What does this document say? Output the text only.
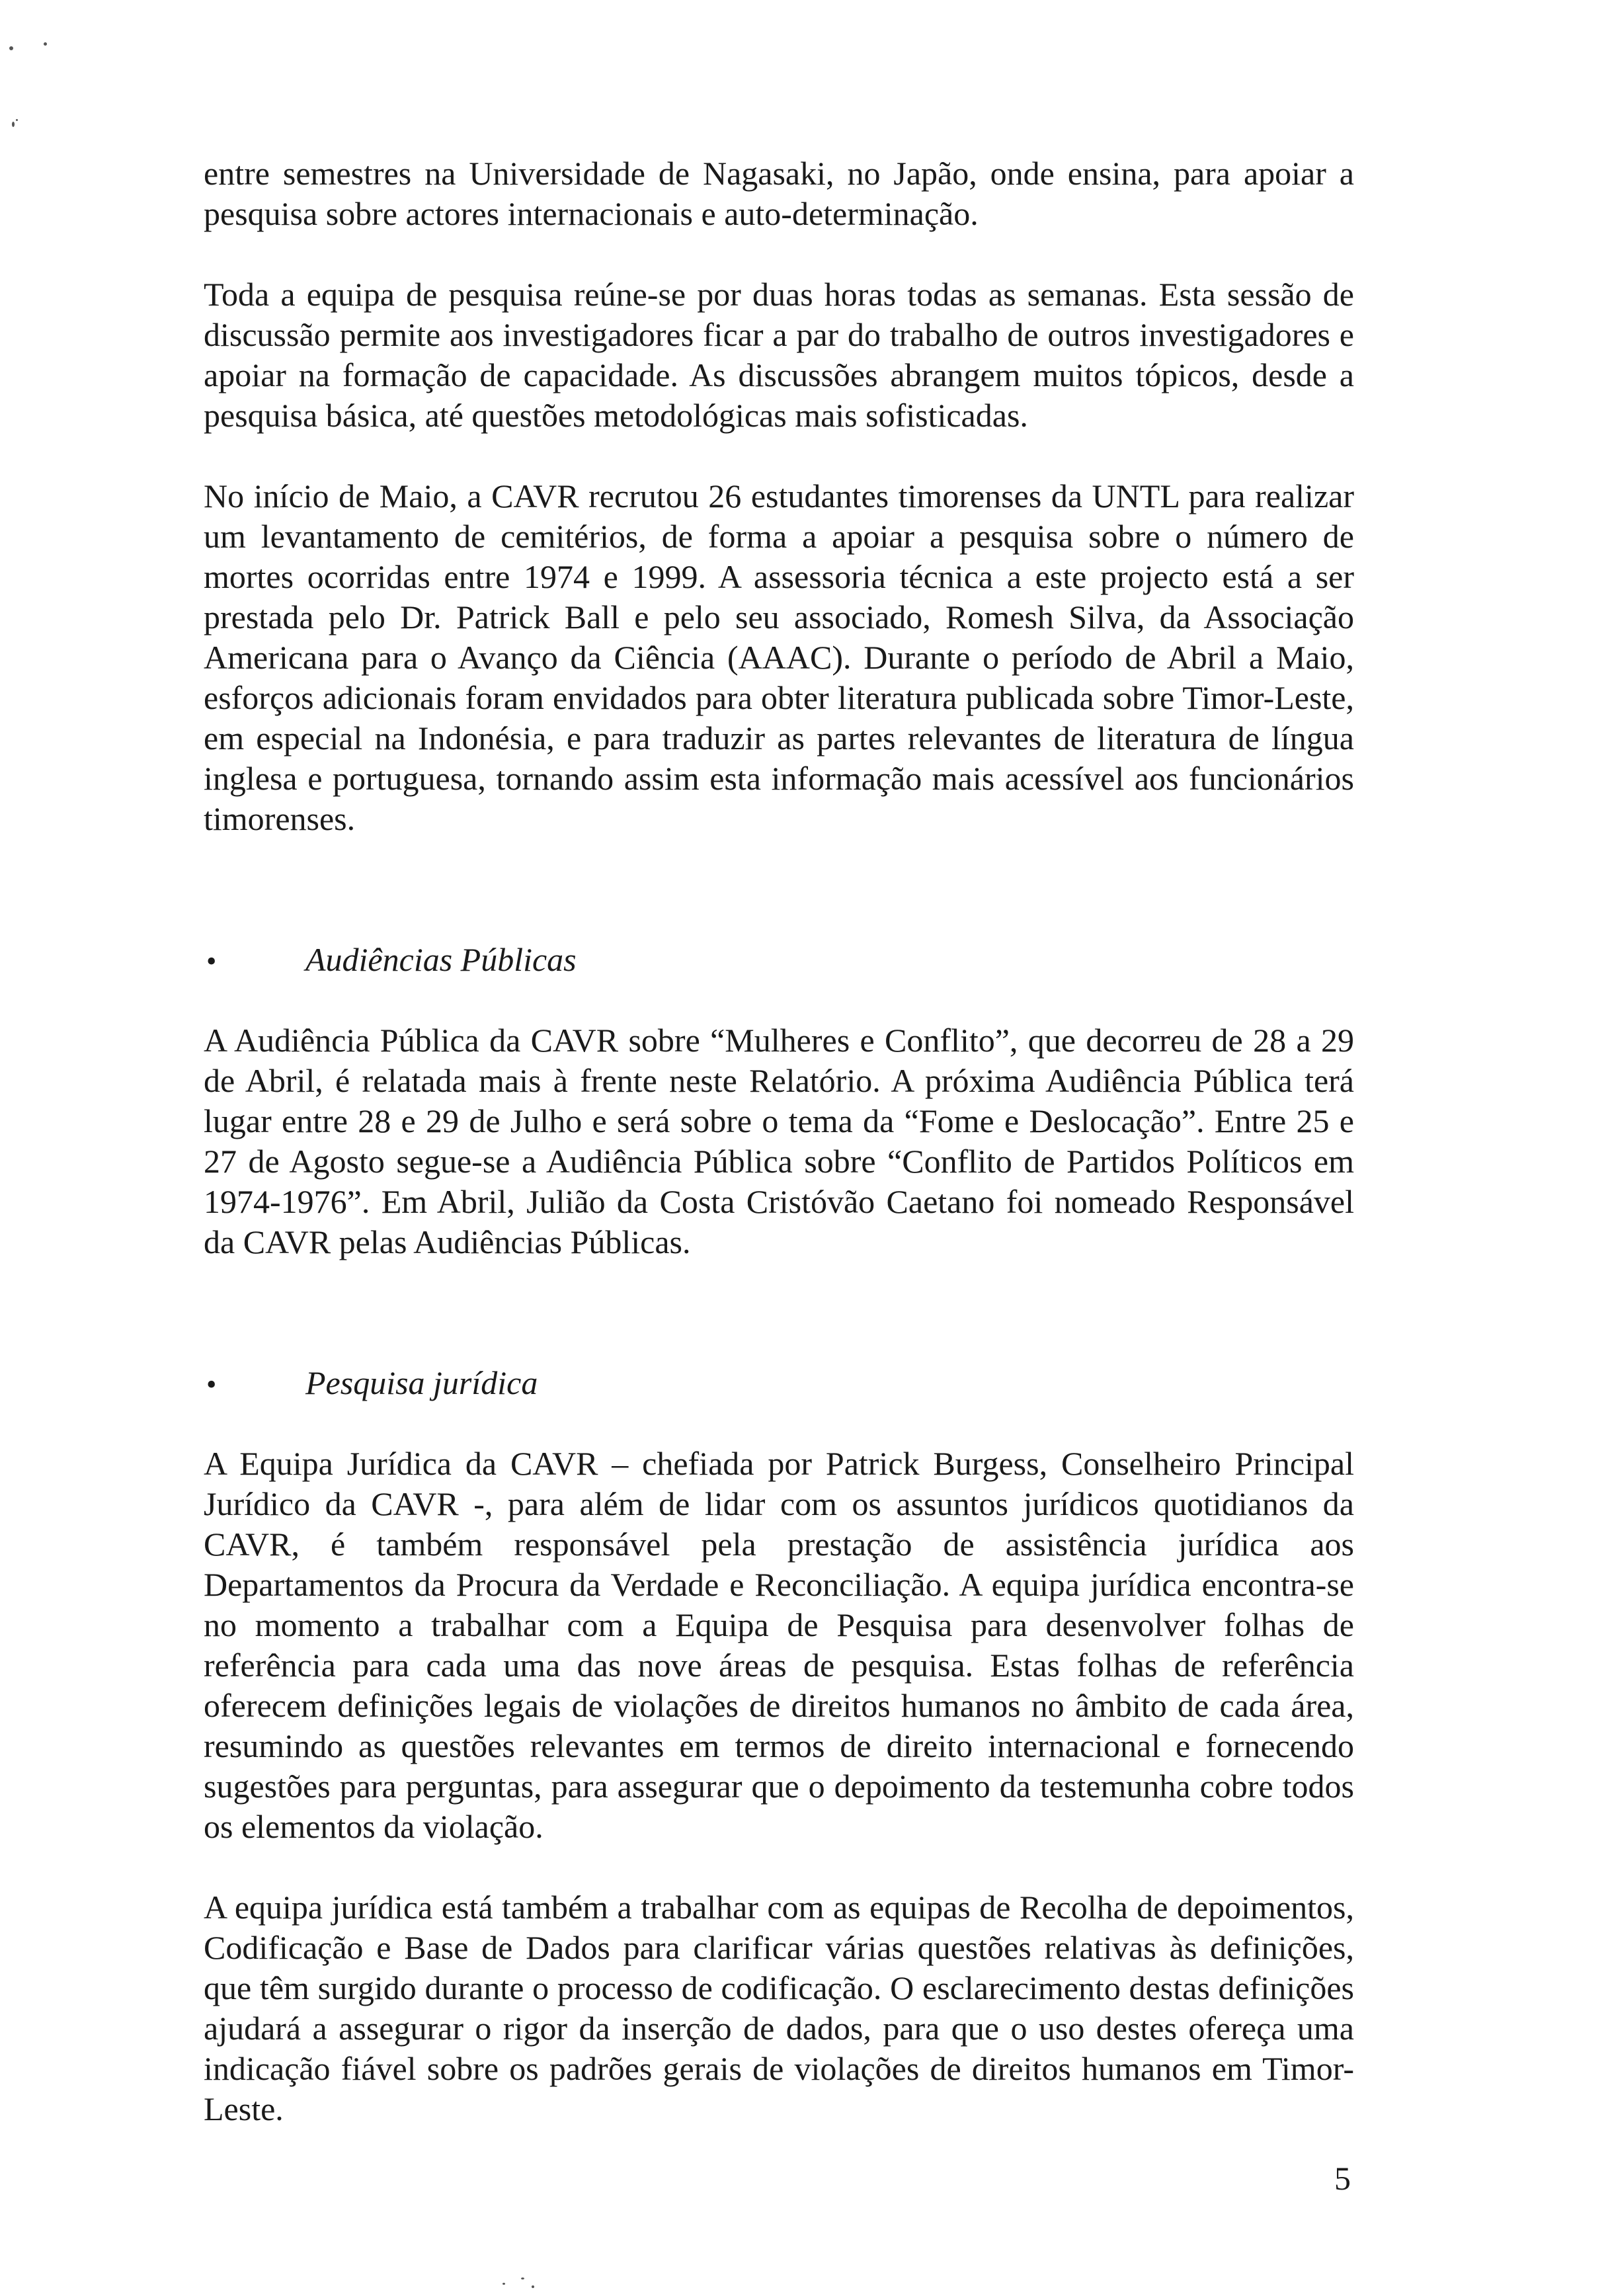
entre semestres na Universidade de Nagasaki, no Japão, onde ensina, para apoiar a pesquisa sobre actores internacionais e auto-determinação.

Toda a equipa de pesquisa reúne-se por duas horas todas as semanas. Esta sessão de discussão permite aos investigadores ficar a par do trabalho de outros investigadores e apoiar na formação de capacidade. As discussões abrangem muitos tópicos, desde a pesquisa básica, até questões metodológicas mais sofisticadas.

No início de Maio, a CAVR recrutou 26 estudantes timorenses da UNTL para realizar um levantamento de cemitérios, de forma a apoiar a pesquisa sobre o número de mortes ocorridas entre 1974 e 1999. A assessoria técnica a este projecto está a ser prestada pelo Dr. Patrick Ball e pelo seu associado, Romesh Silva, da Associação Americana para o Avanço da Ciência (AAAC). Durante o período de Abril a Maio, esforços adicionais foram envidados para obter literatura publicada sobre Timor-Leste, em especial na Indonésia, e para traduzir as partes relevantes de literatura de língua inglesa e portuguesa, tornando assim esta informação mais acessível aos funcionários timorenses.

•	Audiências Públicas

A Audiência Pública da CAVR sobre “Mulheres e Conflito”, que decorreu de 28 a 29 de Abril, é relatada mais à frente neste Relatório. A próxima Audiência Pública terá lugar entre 28 e 29 de Julho e será sobre o tema da “Fome e Deslocação”. Entre 25 e 27 de Agosto segue-se a Audiência Pública sobre “Conflito de Partidos Políticos em 1974-1976”. Em Abril, Julião da Costa Cristóvão Caetano foi nomeado Responsável da CAVR pelas Audiências Públicas.

•	Pesquisa jurídica

A Equipa Jurídica da CAVR – chefiada por Patrick Burgess, Conselheiro Principal Jurídico da CAVR -, para além de lidar com os assuntos jurídicos quotidianos da CAVR, é também responsável pela prestação de assistência jurídica aos Departamentos da Procura da Verdade e Reconciliação. A equipa jurídica encontra-se no momento a trabalhar com a Equipa de Pesquisa para desenvolver folhas de referência para cada uma das nove áreas de pesquisa. Estas folhas de referência oferecem definições legais de violações de direitos humanos no âmbito de cada área, resumindo as questões relevantes em termos de direito internacional e fornecendo sugestões para perguntas, para assegurar que o depoimento da testemunha cobre todos os elementos da violação.

A equipa jurídica está também a trabalhar com as equipas de Recolha de depoimentos, Codificação e Base de Dados para clarificar várias questões relativas às definições, que têm surgido durante o processo de codificação. O esclarecimento destas definições ajudará a assegurar o rigor da inserção de dados, para que o uso destes ofereça uma indicação fiável sobre os padrões gerais de violações de direitos humanos em Timor-Leste.

5
